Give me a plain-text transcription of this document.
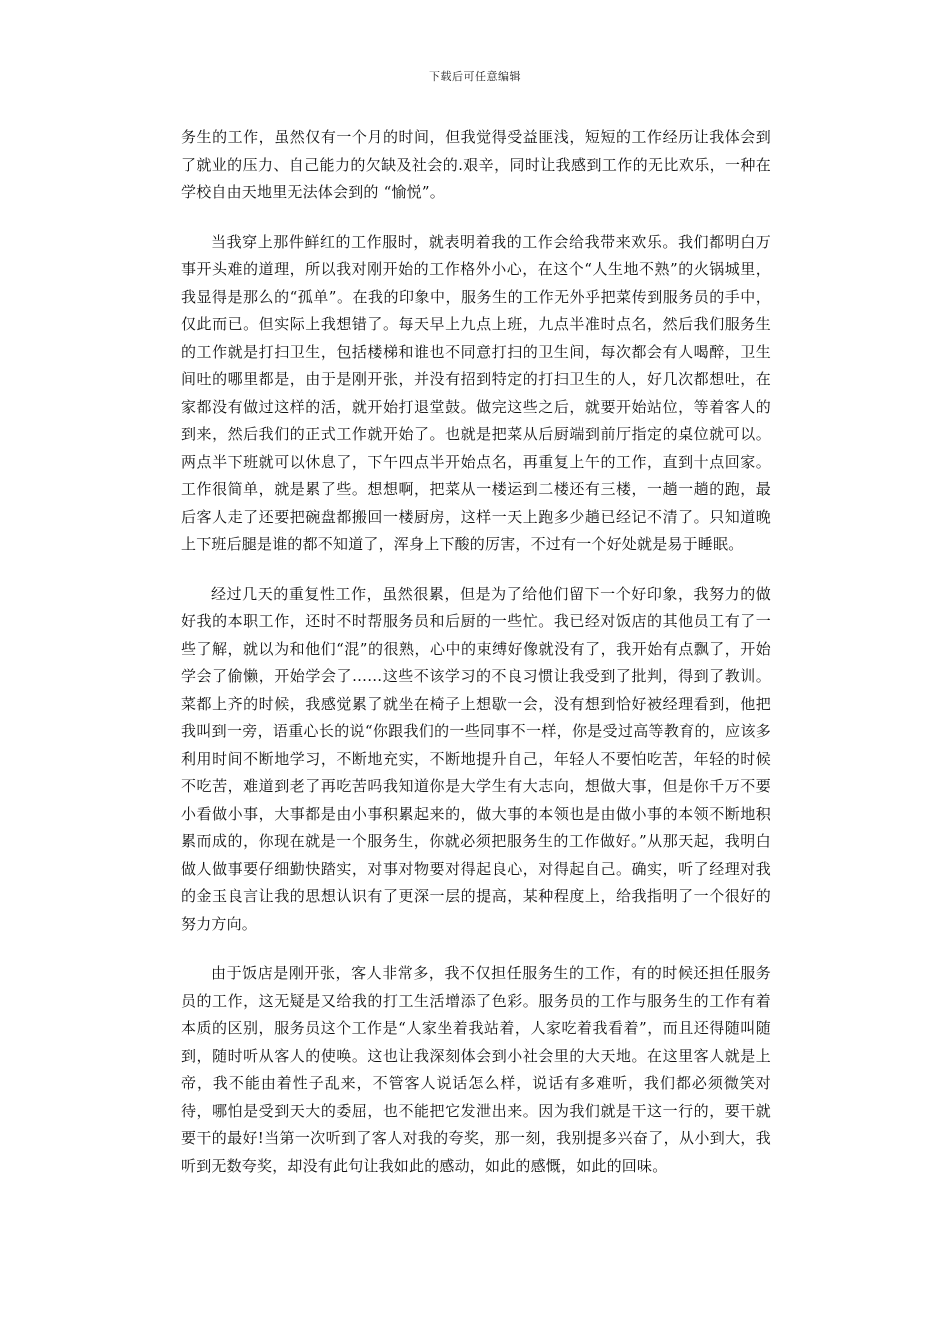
下载后可任意编辑

务生的工作，虽然仅有一个月的时间，但我觉得受益匪浅，短短的工作经历让我体会到了就业的压力、自己能力的欠缺及社会的.艰辛，同时让我感到工作的无比欢乐，一种在学校自由天地里无法体会到的 “愉悦”。

当我穿上那件鲜红的工作服时，就表明着我的工作会给我带来欢乐。我们都明白万事开头难的道理，所以我对刚开始的工作格外小心，在这个“人生地不熟”的火锅城里，我显得是那么的“孤单”。在我的印象中，服务生的工作无外乎把菜传到服务员的手中，仅此而已。但实际上我想错了。每天早上九点上班，九点半准时点名，然后我们服务生的工作就是打扫卫生，包括楼梯和谁也不同意打扫的卫生间，每次都会有人喝醉，卫生间吐的哪里都是，由于是刚开张，并没有招到特定的打扫卫生的人，好几次都想吐，在家都没有做过这样的活，就开始打退堂鼓。做完这些之后，就要开始站位，等着客人的到来，然后我们的正式工作就开始了。也就是把菜从后厨端到前厅指定的桌位就可以。两点半下班就可以休息了，下午四点半开始点名，再重复上午的工作，直到十点回家。工作很简单，就是累了些。想想啊，把菜从一楼运到二楼还有三楼，一趟一趟的跑，最后客人走了还要把碗盘都搬回一楼厨房，这样一天上跑多少趟已经记不清了。只知道晚上下班后腿是谁的都不知道了，浑身上下酸的厉害，不过有一个好处就是易于睡眠。

经过几天的重复性工作，虽然很累，但是为了给他们留下一个好印象，我努力的做好我的本职工作，还时不时帮服务员和后厨的一些忙。我已经对饭店的其他员工有了一些了解，就以为和他们“混”的很熟，心中的束缚好像就没有了，我开始有点飘了，开始学会了偷懒，开始学会了……这些不该学习的不良习惯让我受到了批判，得到了教训。菜都上齐的时候，我感觉累了就坐在椅子上想歇一会，没有想到恰好被经理看到，他把我叫到一旁，语重心长的说“你跟我们的一些同事不一样，你是受过高等教育的，应该多利用时间不断地学习，不断地充实，不断地提升自己，年轻人不要怕吃苦，年轻的时候不吃苦，难道到老了再吃苦吗我知道你是大学生有大志向，想做大事，但是你千万不要小看做小事，大事都是由小事积累起来的，做大事的本领也是由做小事的本领不断地积累而成的，你现在就是一个服务生，你就必须把服务生的工作做好。”从那天起，我明白做人做事要仔细勤快踏实，对事对物要对得起良心，对得起自己。确实，听了经理对我的金玉良言让我的思想认识有了更深一层的提高，某种程度上，给我指明了一个很好的努力方向。

由于饭店是刚开张，客人非常多，我不仅担任服务生的工作，有的时候还担任服务员的工作，这无疑是又给我的打工生活增添了色彩。服务员的工作与服务生的工作有着本质的区别，服务员这个工作是“人家坐着我站着，人家吃着我看着”，而且还得随叫随到，随时听从客人的使唤。这也让我深刻体会到小社会里的大天地。在这里客人就是上帝，我不能由着性子乱来，不管客人说话怎么样，说话有多难听，我们都必须微笑对待，哪怕是受到天大的委屈，也不能把它发泄出来。因为我们就是干这一行的，要干就要干的最好!当第一次听到了客人对我的夸奖，那一刻，我别提多兴奋了，从小到大，我听到无数夸奖，却没有此句让我如此的感动，如此的感慨，如此的回味。
